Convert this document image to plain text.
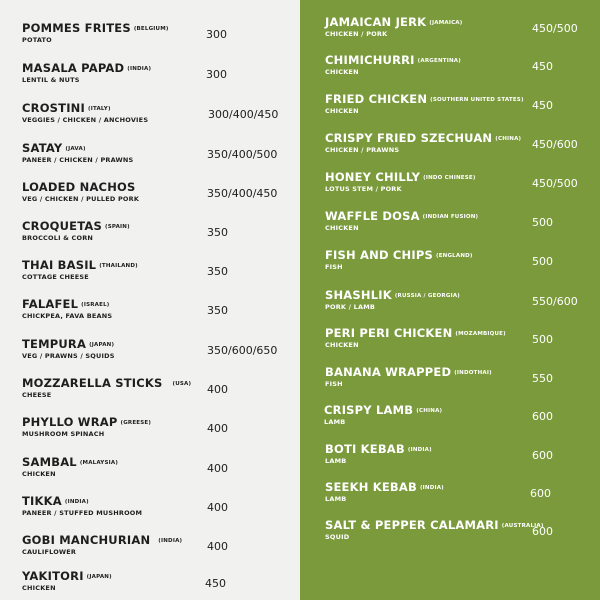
POMMES FRITES (BELGIUM)
POTATO	300
MASALA PAPAD (INDIA)
LENTIL & NUTS	300
CROSTINI (ITALY)
VEGGIES / CHICKEN / ANCHOVIES	300/400/450
SATAY (JAVA)
PANEER / CHICKEN / PRAWNS	350/400/500
LOADED NACHOS
VEG / CHICKEN / PULLED PORK	350/400/450
CROQUETAS (SPAIN)
BROCCOLI & CORN	350
THAI BASIL (THAILAND)
COTTAGE CHEESE	350
FALAFEL (ISRAEL)
CHICKPEA, FAVA BEANS	350
TEMPURA (JAPAN)
VEG / PRAWNS / SQUIDS	350/600/650
MOZZARELLA STICKS (USA)
CHEESE	400
PHYLLO WRAP (GREESE)
MUSHROOM SPINACH	400
SAMBAL (MALAYSIA)
CHICKEN	400
TIKKA (INDIA)
PANEER / STUFFED MUSHROOM	400
GOBI MANCHURIAN (INDIA)
CAULIFLOWER	400
YAKITORI (JAPAN)
CHICKEN	450
JAMAICAN JERK (JAMAICA)
CHICKEN / PORK	450/500
CHIMICHURRI (ARGENTINA)
CHICKEN	450
FRIED CHICKEN (SOUTHERN UNITED STATES)
CHICKEN	450
CRISPY FRIED SZECHUAN (CHINA)
CHICKEN / PRAWNS	450/600
HONEY CHILLY (INDO CHINESE)
LOTUS STEM / PORK	450/500
WAFFLE DOSA (INDIAN FUSION)
CHICKEN	500
FISH AND CHIPS (ENGLAND)
FISH	500
SHASHLIK (RUSSIA / GEORGIA)
PORK / LAMB	550/600
PERI PERI CHICKEN (MOZAMBIQUE)
CHICKEN	500
BANANA WRAPPED (INDOTHAI)
FISH	550
CRISPY LAMB (CHINA)
LAMB	600
BOTI KEBAB (INDIA)
LAMB	600
SEEKH KEBAB (INDIA)
LAMB	600
SALT & PEPPER CALAMARI (AUSTRALIA)
SQUID	600
